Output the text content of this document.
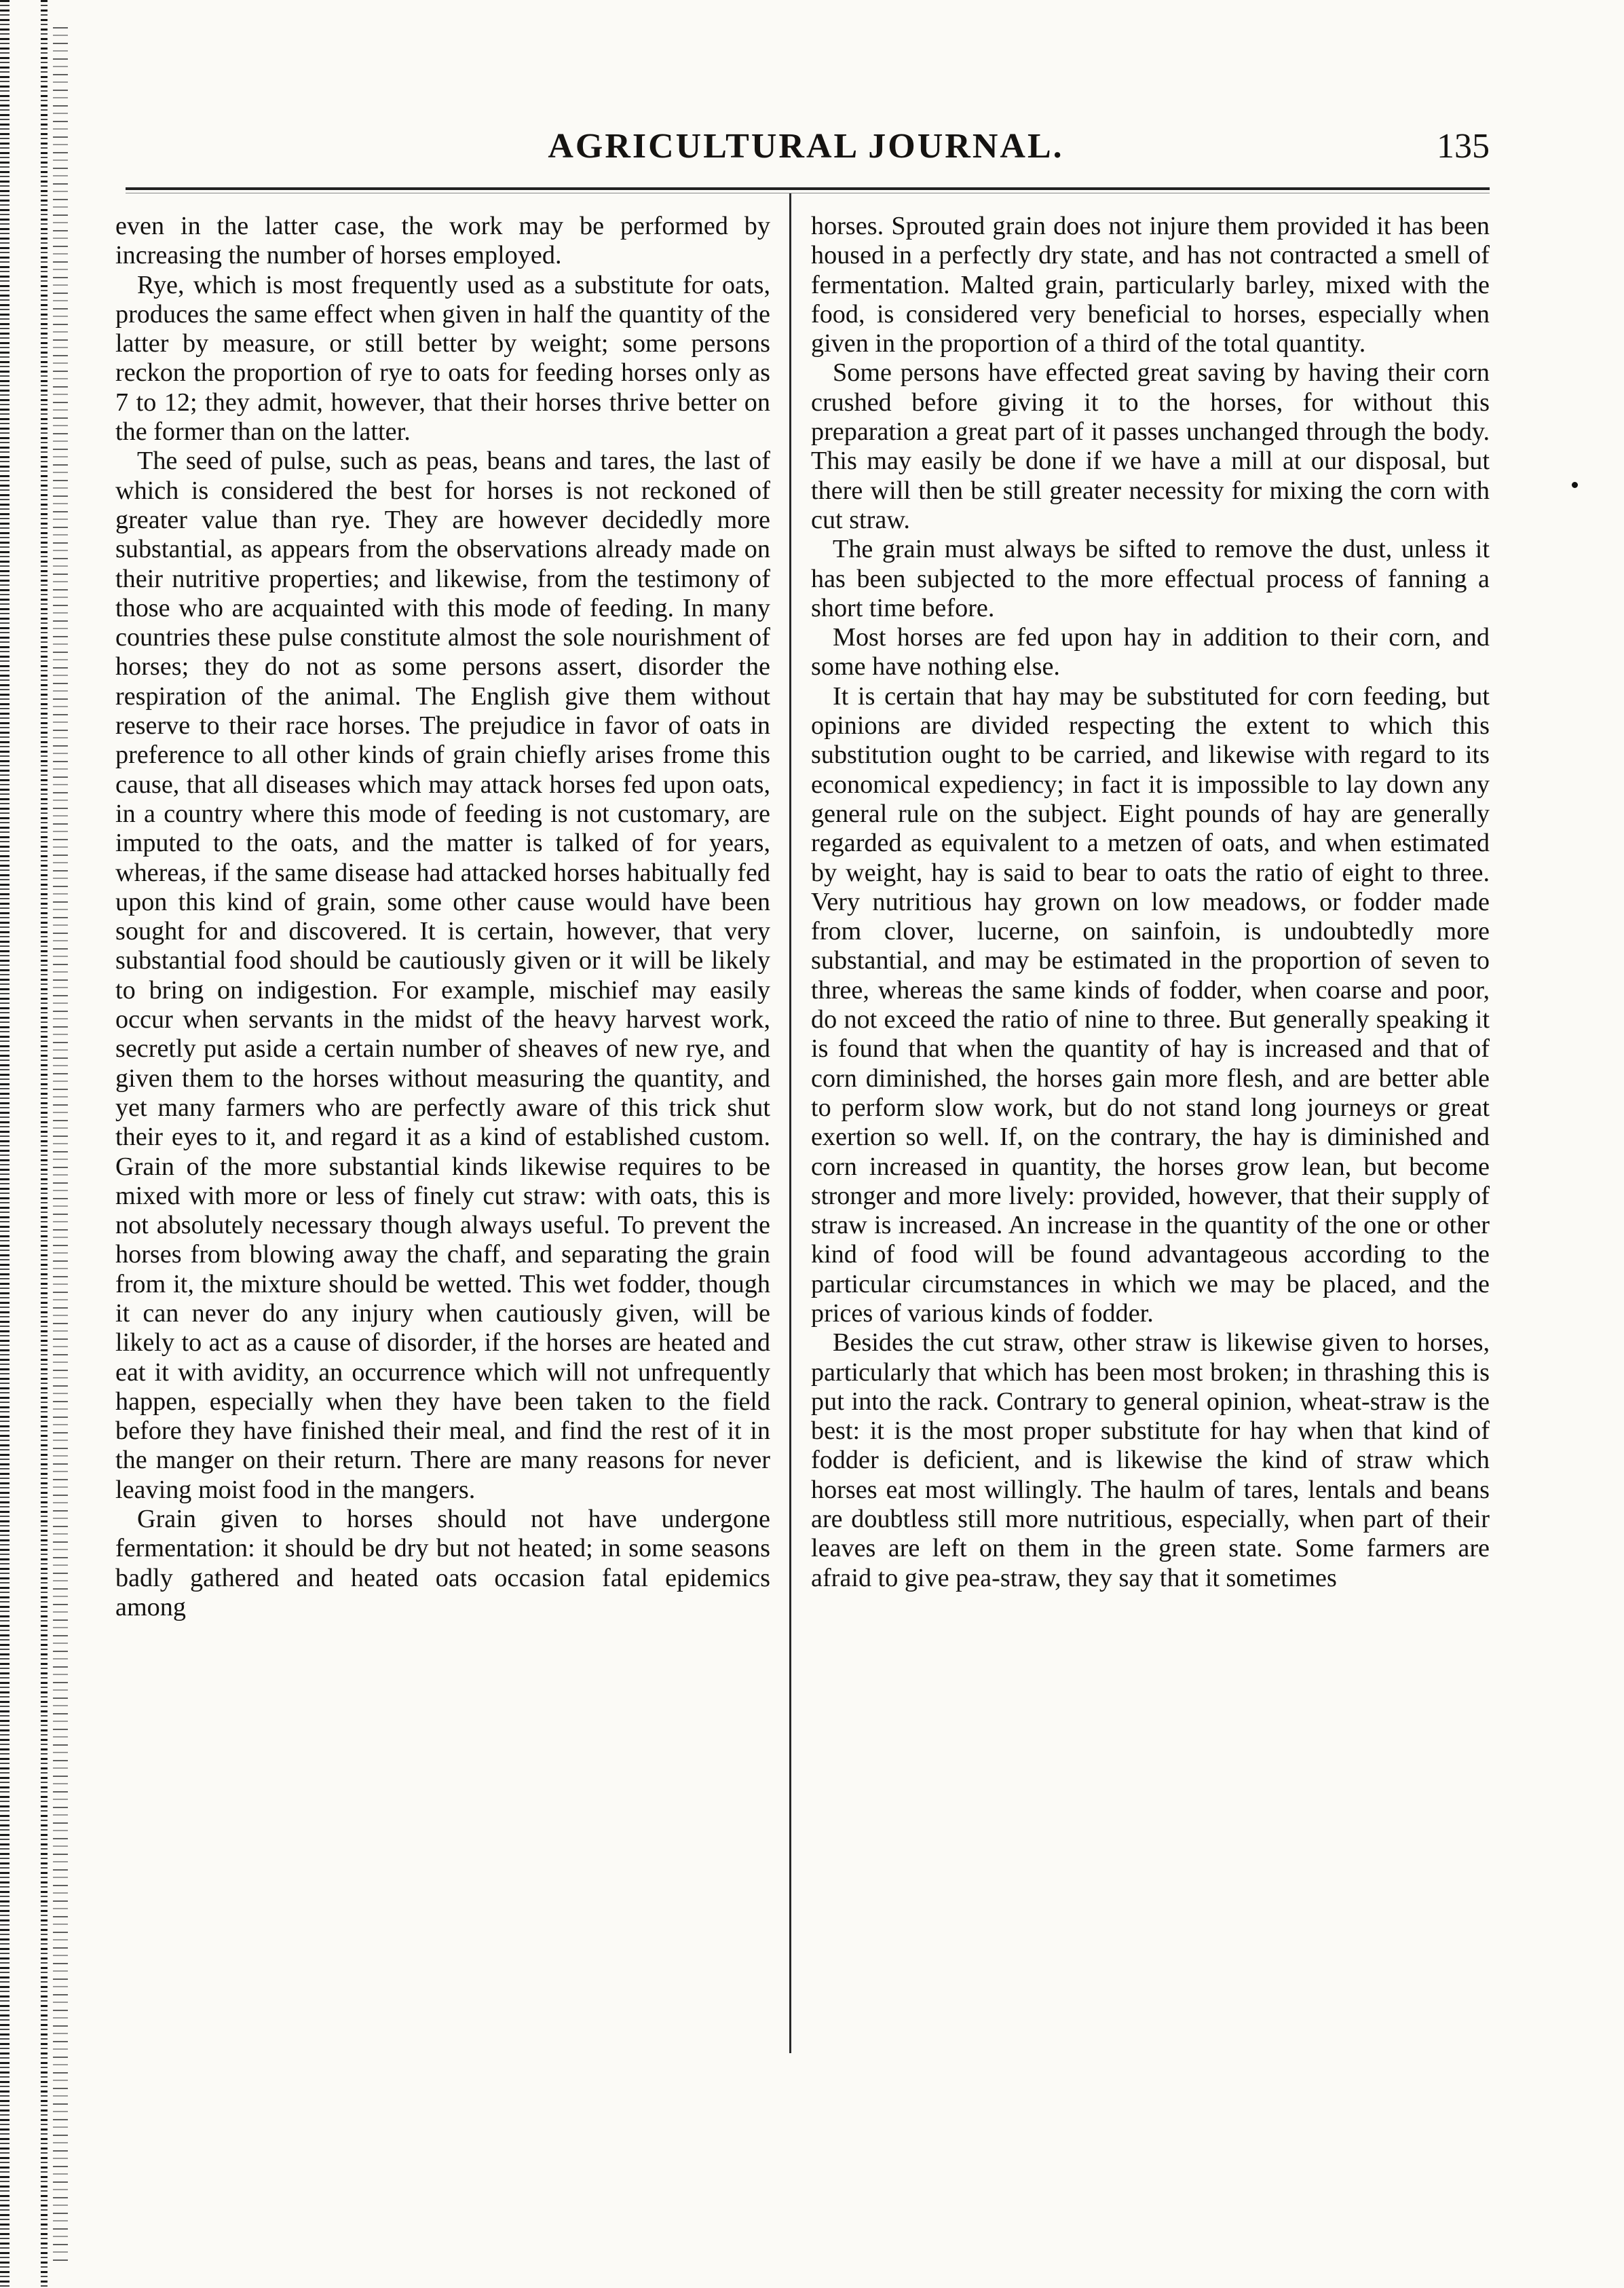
AGRICULTURAL JOURNAL.	135

even in the latter case, the work may be performed by increasing the number of horses employed.

Rye, which is most frequently used as a substitute for oats, produces the same effect when given in half the quantity of the latter by measure, or still better by weight; some persons reckon the proportion of rye to oats for feeding horses only as 7 to 12; they admit, however, that their horses thrive better on the former than on the latter.

The seed of pulse, such as peas, beans and tares, the last of which is considered the best for horses is not reckoned of greater value than rye. They are however decidedly more substantial, as appears from the observations already made on their nutritive properties; and likewise, from the testimony of those who are acquainted with this mode of feeding. In many countries these pulse constitute almost the sole nourishment of horses; they do not as some persons assert, disorder the respiration of the animal. The English give them without reserve to their race horses. The prejudice in favor of oats in preference to all other kinds of grain chiefly arises frome this cause, that all diseases which may attack horses fed upon oats, in a country where this mode of feeding is not customary, are imputed to the oats, and the matter is talked of for years, whereas, if the same disease had attacked horses habitually fed upon this kind of grain, some other cause would have been sought for and discovered. It is certain, however, that very substantial food should be cautiously given or it will be likely to bring on indigestion. For example, mischief may easily occur when servants in the midst of the heavy harvest work, secretly put aside a certain number of sheaves of new rye, and given them to the horses without measuring the quantity, and yet many farmers who are perfectly aware of this trick shut their eyes to it, and regard it as a kind of established custom. Grain of the more substantial kinds likewise requires to be mixed with more or less of finely cut straw: with oats, this is not absolutely necessary though always useful. To prevent the horses from blowing away the chaff, and separating the grain from it, the mixture should be wetted. This wet fodder, though it can never do any injury when cautiously given, will be likely to act as a cause of disorder, if the horses are heated and eat it with avidity, an occurrence which will not unfrequently happen, especially when they have been taken to the field before they have finished their meal, and find the rest of it in the manger on their return. There are many reasons for never leaving moist food in the mangers.

Grain given to horses should not have undergone fermentation: it should be dry but not heated; in some seasons badly gathered and heated oats occasion fatal epidemics among

horses. Sprouted grain does not injure them provided it has been housed in a perfectly dry state, and has not contracted a smell of fermentation. Malted grain, particularly barley, mixed with the food, is considered very beneficial to horses, especially when given in the proportion of a third of the total quantity.

Some persons have effected great saving by having their corn crushed before giving it to the horses, for without this preparation a great part of it passes unchanged through the body. This may easily be done if we have a mill at our disposal, but there will then be still greater necessity for mixing the corn with cut straw.

The grain must always be sifted to remove the dust, unless it has been subjected to the more effectual process of fanning a short time before.

Most horses are fed upon hay in addition to their corn, and some have nothing else.

It is certain that hay may be substituted for corn feeding, but opinions are divided respecting the extent to which this substitution ought to be carried, and likewise with regard to its economical expediency; in fact it is impossible to lay down any general rule on the subject. Eight pounds of hay are generally regarded as equivalent to a metzen of oats, and when estimated by weight, hay is said to bear to oats the ratio of eight to three. Very nutritious hay grown on low meadows, or fodder made from clover, lucerne, on sainfoin, is undoubtedly more substantial, and may be estimated in the proportion of seven to three, whereas the same kinds of fodder, when coarse and poor, do not exceed the ratio of nine to three. But generally speaking it is found that when the quantity of hay is increased and that of corn diminished, the horses gain more flesh, and are better able to perform slow work, but do not stand long journeys or great exertion so well. If, on the contrary, the hay is diminished and corn increased in quantity, the horses grow lean, but become stronger and more lively: provided, however, that their supply of straw is increased. An increase in the quantity of the one or other kind of food will be found advantageous according to the particular circumstances in which we may be placed, and the prices of various kinds of fodder.

Besides the cut straw, other straw is likewise given to horses, particularly that which has been most broken; in thrashing this is put into the rack. Contrary to general opinion, wheat-straw is the best: it is the most proper substitute for hay when that kind of fodder is deficient, and is likewise the kind of straw which horses eat most willingly. The haulm of tares, lentals and beans are doubtless still more nutritious, especially, when part of their leaves are left on them in the green state. Some farmers are afraid to give pea-straw, they say that it sometimes
